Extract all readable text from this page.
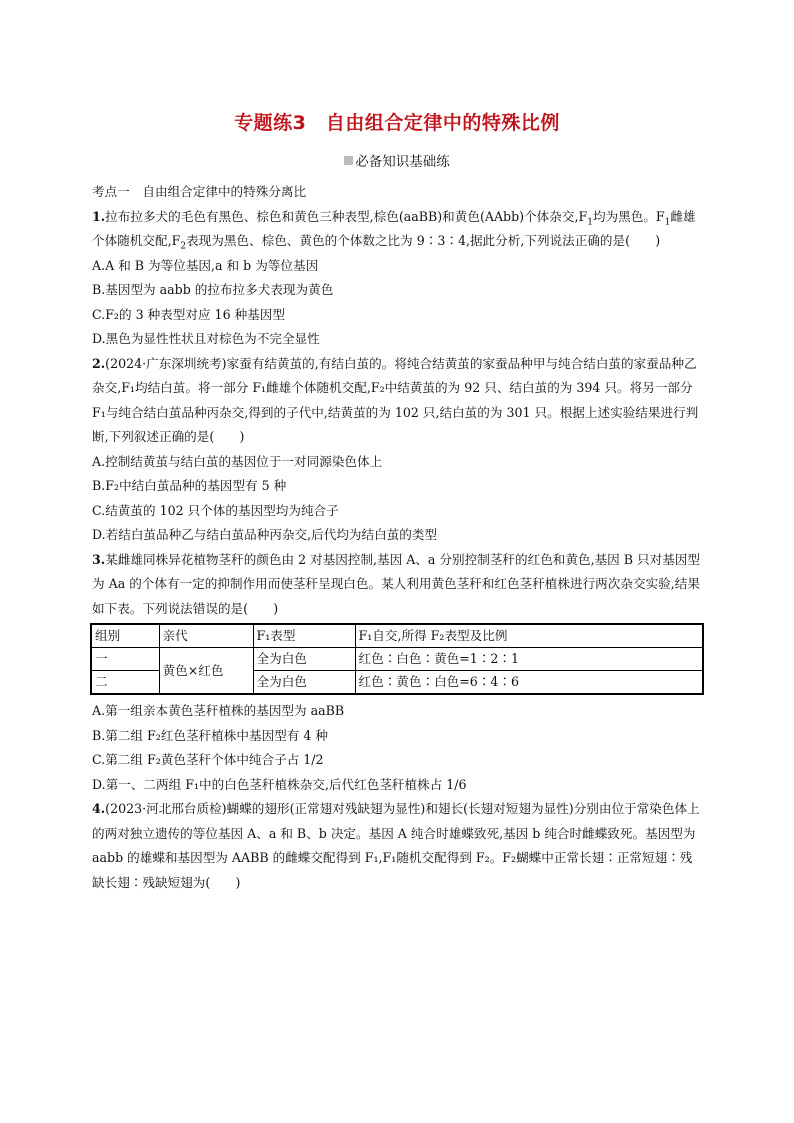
专题练3　自由组合定律中的特殊比例
必备知识基础练

考点一　自由组合定律中的特殊分离比

1.拉布拉多犬的毛色有黑色、棕色和黄色三种表型,棕色(aaBB)和黄色(AAbb)个体杂交$,F_1$均为黑色。$F_1$雌雄个体随机交配$,F_2$表现为黑色、棕色、黄色的个体数之比为 9∶3∶4,据此分析,下列说法正确的是(　　)

A.A 和 B 为等位基因,a 和 b 为等位基因

B.基因型为 aabb 的拉布拉多犬表现为黄色

C.F₂的 3 种表型对应 16 种基因型

D.黑色为显性性状且对棕色为不完全显性

2.(2024·广东深圳统考)家蚕有结黄茧的,有结白茧的。将纯合结黄茧的家蚕品种甲与纯合结白茧的家蚕品种乙杂交,F₁均结白茧。将一部分 F₁雌雄个体随机交配,F₂中结黄茧的为 92 只、结白茧的为 394 只。将另一部分 F₁与纯合结白茧品种丙杂交,得到的子代中,结黄茧的为 102 只,结白茧的为 301 只。根据上述实验结果进行判断,下列叙述正确的是(　　)

A.控制结黄茧与结白茧的基因位于一对同源染色体上

B.F₂中结白茧品种的基因型有 5 种

C.结黄茧的 102 只个体的基因型均为纯合子

D.若结白茧品种乙与结白茧品种丙杂交,后代均为结白茧的类型

3.某雌雄同株异花植物茎秆的颜色由 2 对基因控制,基因 A、a 分别控制茎秆的红色和黄色,基因 B 只对基因型为 Aa 的个体有一定的抑制作用而使茎秆呈现白色。某人利用黄色茎秆和红色茎秆植株进行两次杂交实验,结果如下表。下列说法错误的是(　　)

组别	亲代	F₁表型	F₁自交,所得 F₂表型及比例
一	黄色×红色	全为白色	红色∶白色∶黄色=1∶2∶1
二		全为白色	红色∶黄色∶白色=6∶4∶6

A.第一组亲本黄色茎秆植株的基因型为 aaBB

B.第二组 F₂红色茎秆植株中基因型有 4 种

C.第二组 F₂黄色茎秆个体中纯合子占 1/2

D.第一、二两组 F₁中的白色茎秆植株杂交,后代红色茎秆植株占 1/6

4.(2023·河北邢台质检)蝴蝶的翅形(正常翅对残缺翅为显性)和翅长(长翅对短翅为显性)分别由位于常染色体上的两对独立遗传的等位基因 A、a 和 B、b 决定。基因 A 纯合时雄蝶致死,基因 b 纯合时雌蝶致死。基因型为 aabb 的雄蝶和基因型为 AABB 的雌蝶交配得到 F₁,F₁随机交配得到 F₂。F₂蝴蝶中正常长翅∶正常短翅∶残缺长翅∶残缺短翅为(　　)
